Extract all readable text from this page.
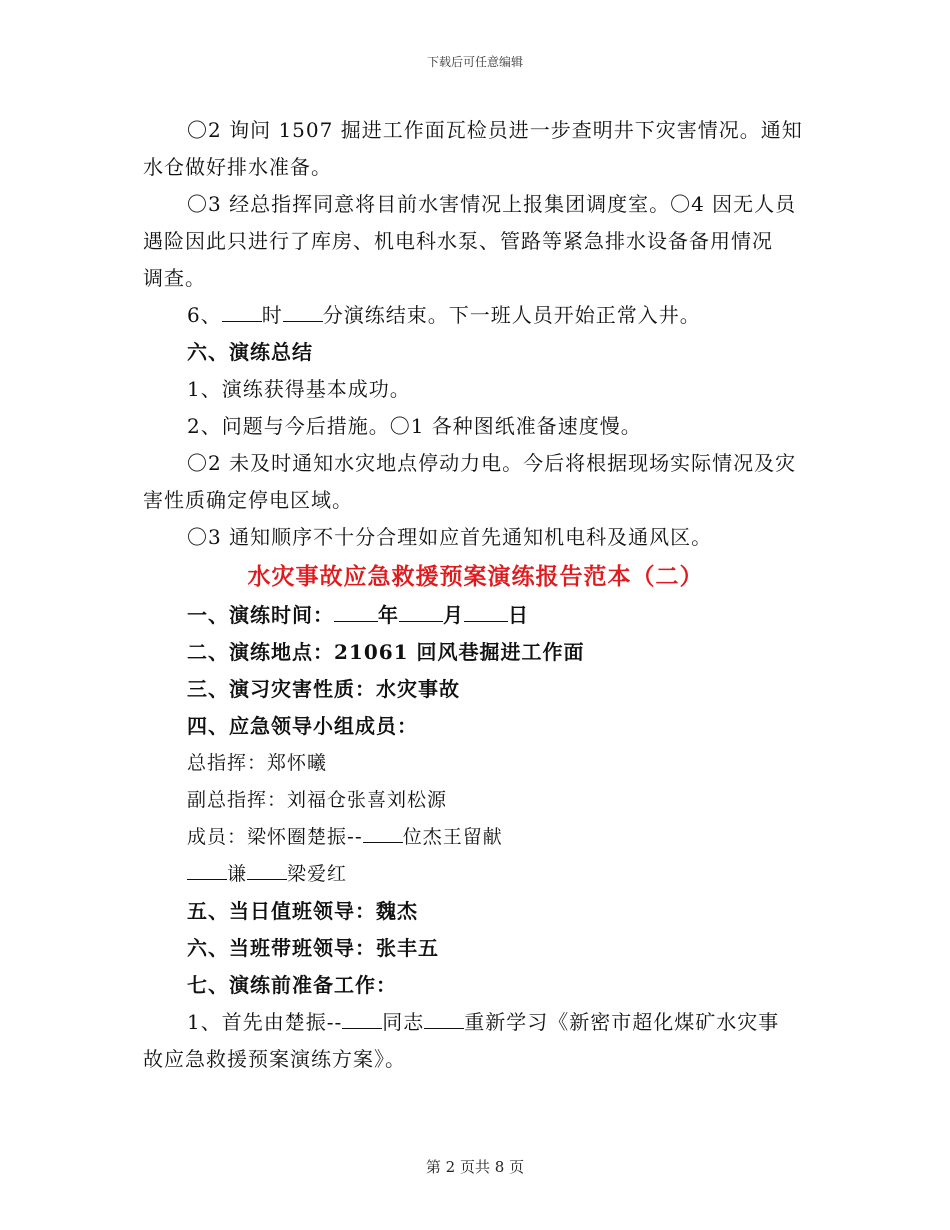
下载后可任意编辑

〇2 询问 1507 掘进工作面瓦检员进一步查明井下灾害情况。通知

水仓做好排水准备。

〇3 经总指挥同意将目前水害情况上报集团调度室。〇4 因无人员

遇险因此只进行了库房、机电科水泵、管路等紧急排水设备备用情况

调查。

6、 时 分演练结束。下一班人员开始正常入井。

六、演练总结

1、演练获得基本成功。

2、问题与今后措施。〇1 各种图纸准备速度慢。

〇2 未及时通知水灾地点停动力电。今后将根据现场实际情况及灾

害性质确定停电区域。

〇3 通知顺序不十分合理如应首先通知机电科及通风区。

水灾事故应急救援预案演练报告范本（二）

一、演练时间： 年 月 日

二、演练地点：21061 回风巷掘进工作面

三、演习灾害性质：水灾事故

四、应急领导小组成员：

总指挥：郑怀曦

副总指挥：刘福仓张喜刘松源

成员：梁怀圈楚振-- 位杰王留献

谦 梁爱红

五、当日值班领导：魏杰

六、当班带班领导：张丰五

七、演练前准备工作：

1、首先由楚振-- 同志 重新学习《新密市超化煤矿水灾事

故应急救援预案演练方案》。

第 2 页共 8 页
